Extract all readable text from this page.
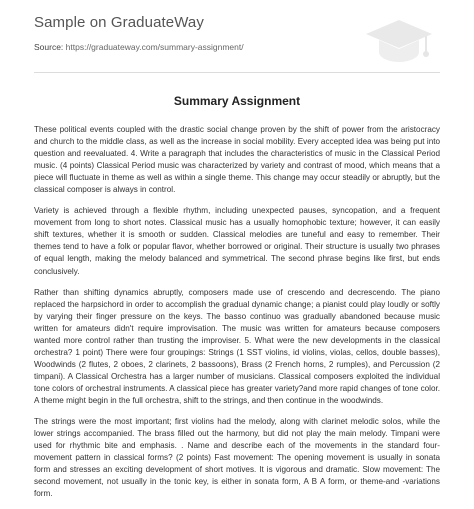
Sample on GraduateWay
Source: https://graduateway.com/summary-assignment/
Summary Assignment

These political events coupled with the drastic social change proven by the shift of power from the aristocracy and church to the middle class, as well as the increase in social mobility. Every accepted idea was being put into question and reevaluated. 4. Write a paragraph that includes the characteristics of music in the Classical Period music. (4 points) Classical Period music was characterized by variety and contrast of mood, which means that a piece will fluctuate in theme as well as within a single theme. This change may occur steadily or abruptly, but the classical composer is always in control.

Variety is achieved through a flexible rhythm, including unexpected pauses, syncopation, and a frequent movement from long to short notes. Classical music has a usually homophobic texture; however, it can easily shift textures, whether it is smooth or sudden. Classical melodies are tuneful and easy to remember. Their themes tend to have a folk or popular flavor, whether borrowed or original. Their structure is usually two phrases of equal length, making the melody balanced and symmetrical. The second phrase begins like first, but ends conclusively.

Rather than shifting dynamics abruptly, composers made use of crescendo and decrescendo. The piano replaced the harpsichord in order to accomplish the gradual dynamic change; a pianist could play loudly or softly by varying their finger pressure on the keys. The basso continuo was gradually abandoned because music written for amateurs didn't require improvisation. The music was written for amateurs because composers wanted more control rather than trusting the improviser. 5. What were the new developments in the classical orchestra? 1 point) There were four groupings: Strings (1 SST violins, id violins, violas, cellos, double basses), Woodwinds (2 flutes, 2 oboes, 2 clarinets, 2 bassoons), Brass (2 French horns, 2 rumples), and Percussion (2 timpani). A Classical Orchestra has a larger number of musicians. Classical composers exploited the individual tone colors of orchestral instruments. A classical piece has greater variety?and more rapid changes of tone color. A theme might begin in the full orchestra, shift to the strings, and then continue in the woodwinds.

The strings were the most important; first violins had the melody, along with clarinet melodic solos, while the lower strings accompanied. The brass filled out the harmony, but did not play the main melody. Timpani were used for rhythmic bite and emphasis. . Name and describe each of the movements in the standard four-movement pattern in classical forms? (2 points) Fast movement: The opening movement is usually in sonata form and stresses an exciting development of short motives. It is vigorous and dramatic. Slow movement: The second movement, not usually in the tonic key, is either in sonata form, A B A form, or theme-and -variations form.
